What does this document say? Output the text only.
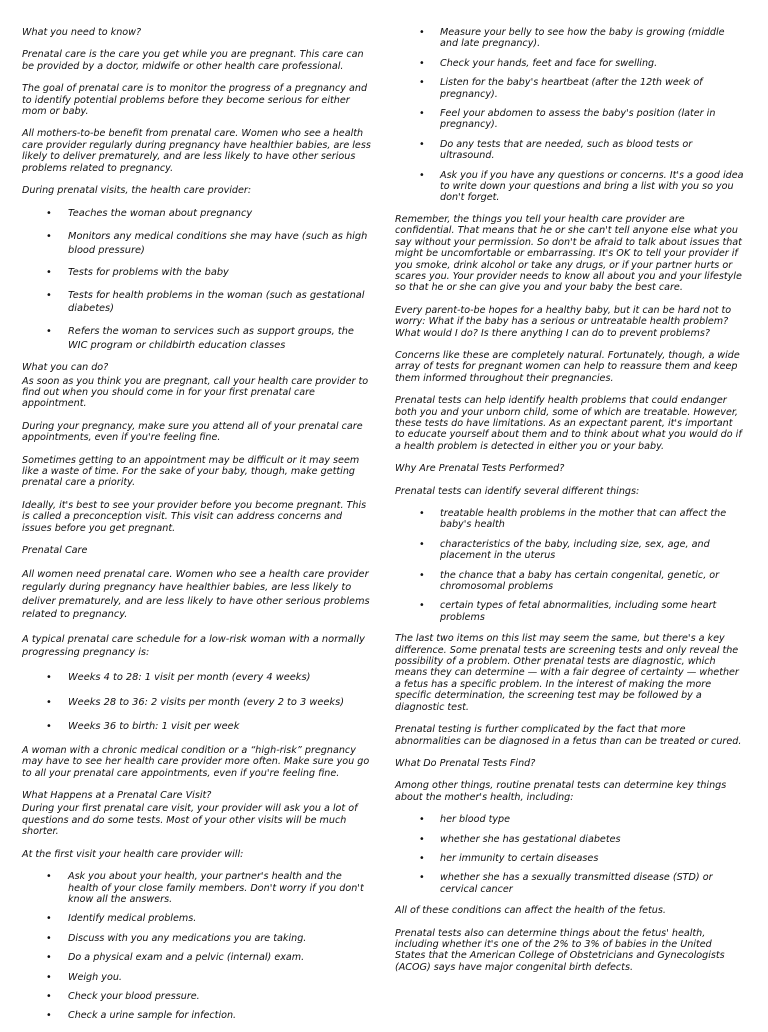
What you need to know?

Prenatal care is the care you get while you are pregnant. This care can be provided by a doctor, midwife or other health care professional.

The goal of prenatal care is to monitor the progress of a pregnancy and to identify potential problems before they become serious for either mom or baby.

All mothers-to-be benefit from prenatal care. Women who see a health care provider regularly during pregnancy have healthier babies, are less likely to deliver prematurely, and are less likely to have other serious problems related to pregnancy.

During prenatal visits, the health care provider:

• Teaches the woman about pregnancy
• Monitors any medical conditions she may have (such as high blood pressure)
• Tests for problems with the baby
• Tests for health problems in the woman (such as gestational diabetes)
• Refers the woman to services such as support groups, the WIC program or childbirth education classes

What you can do?

As soon as you think you are pregnant, call your health care provider to find out when you should come in for your first prenatal care appointment.

During your pregnancy, make sure you attend all of your prenatal care appointments, even if you're feeling fine.

Sometimes getting to an appointment may be difficult or it may seem like a waste of time. For the sake of your baby, though, make getting prenatal care a priority.

Ideally, it's best to see your provider before you become pregnant. This is called a preconception visit. This visit can address concerns and issues before you get pregnant.

Prenatal Care

All women need prenatal care. Women who see a health care provider regularly during pregnancy have healthier babies, are less likely to deliver prematurely, and are less likely to have other serious problems related to pregnancy.

A typical prenatal care schedule for a low-risk woman with a normally progressing pregnancy is:

• Weeks 4 to 28: 1 visit per month (every 4 weeks)
• Weeks 28 to 36: 2 visits per month (every 2 to 3 weeks)
• Weeks 36 to birth: 1 visit per week

A woman with a chronic medical condition or a “high-risk” pregnancy may have to see her health care provider more often. Make sure you go to all your prenatal care appointments, even if you're feeling fine.

What Happens at a Prenatal Care Visit?

During your first prenatal care visit, your provider will ask you a lot of questions and do some tests. Most of your other visits will be much shorter.

At the first visit your health care provider will:

• Ask you about your health, your partner's health and the health of your close family members. Don't worry if you don't know all the answers.
• Identify medical problems.
• Discuss with you any medications you are taking.
• Do a physical exam and a pelvic (internal) exam.
• Weigh you.
• Check your blood pressure.
• Check a urine sample for infection.
• Measure your belly to see how the baby is growing (middle and late pregnancy).
• Check your hands, feet and face for swelling.
• Listen for the baby's heartbeat (after the 12th week of pregnancy).
• Feel your abdomen to assess the baby's position (later in pregnancy).
• Do any tests that are needed, such as blood tests or ultrasound.
• Ask you if you have any questions or concerns. It's a good idea to write down your questions and bring a list with you so you don't forget.

Remember, the things you tell your health care provider are confidential. That means that he or she can't tell anyone else what you say without your permission. So don't be afraid to talk about issues that might be uncomfortable or embarrassing. It's OK to tell your provider if you smoke, drink alcohol or take any drugs, or if your partner hurts or scares you. Your provider needs to know all about you and your lifestyle so that he or she can give you and your baby the best care.

Every parent-to-be hopes for a healthy baby, but it can be hard not to worry: What if the baby has a serious or untreatable health problem? What would I do? Is there anything I can do to prevent problems?

Concerns like these are completely natural. Fortunately, though, a wide array of tests for pregnant women can help to reassure them and keep them informed throughout their pregnancies.

Prenatal tests can help identify health problems that could endanger both you and your unborn child, some of which are treatable. However, these tests do have limitations. As an expectant parent, it's important to educate yourself about them and to think about what you would do if a health problem is detected in either you or your baby.

Why Are Prenatal Tests Performed?

Prenatal tests can identify several different things:

• treatable health problems in the mother that can affect the baby's health
• characteristics of the baby, including size, sex, age, and placement in the uterus
• the chance that a baby has certain congenital, genetic, or chromosomal problems
• certain types of fetal abnormalities, including some heart problems

The last two items on this list may seem the same, but there's a key difference. Some prenatal tests are screening tests and only reveal the possibility of a problem. Other prenatal tests are diagnostic, which means they can determine — with a fair degree of certainty — whether a fetus has a specific problem. In the interest of making the more specific determination, the screening test may be followed by a diagnostic test.

Prenatal testing is further complicated by the fact that more abnormalities can be diagnosed in a fetus than can be treated or cured.

What Do Prenatal Tests Find?

Among other things, routine prenatal tests can determine key things about the mother's health, including:

• her blood type
• whether she has gestational diabetes
• her immunity to certain diseases
• whether she has a sexually transmitted disease (STD) or cervical cancer

All of these conditions can affect the health of the fetus.

Prenatal tests also can determine things about the fetus' health, including whether it's one of the 2% to 3% of babies in the United States that the American College of Obstetricians and Gynecologists (ACOG) says have major congenital birth defects.
